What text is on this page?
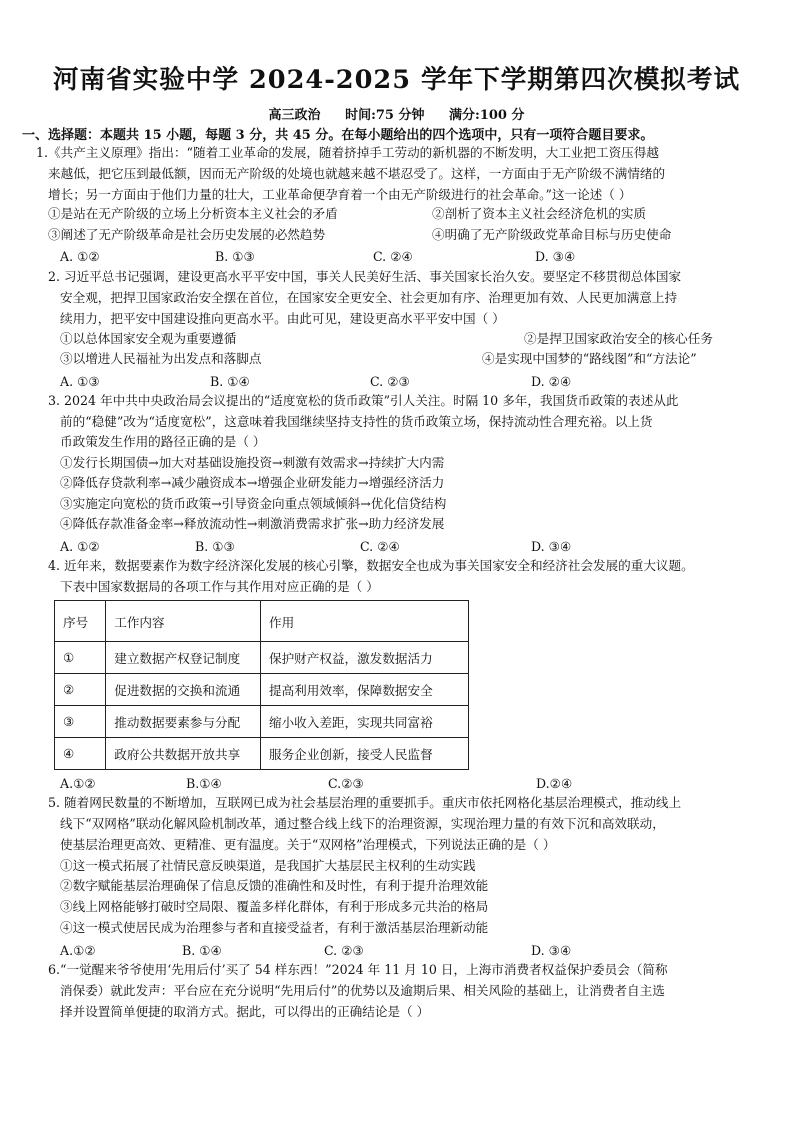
河南省实验中学 2024-2025 学年下学期第四次模拟考试
高三政治 时间:75 分钟 满分:100 分
一、选择题：本题共 15 小题，每题 3 分，共 45 分。在每小题给出的四个选项中，只有一项符合题目要求。
1.《共产主义原理》指出：“随着工业革命的发展，随着挤掉手工劳动的新机器的不断发明，大工业把工资压得越
来越低，把它压到最低额，因而无产阶级的处境也就越来越不堪忍受了。这样，一方面由于无产阶级不满情绪的
增长；另一方面由于他们力量的壮大，工业革命便孕育着一个由无产阶级进行的社会革命。”这一论述（ ）
①是站在无产阶级的立场上分析资本主义社会的矛盾	②剖析了资本主义社会经济危机的实质
③阐述了无产阶级革命是社会历史发展的必然趋势	④明确了无产阶级政党革命目标与历史使命
A. ①②	B. ①③	C. ②④	D. ③④
2. 习近平总书记强调，建设更高水平平安中国，事关人民美好生活、事关国家长治久安。要坚定不移贯彻总体国家
安全观，把捍卫国家政治安全摆在首位，在国家安全更安全、社会更加有序、治理更加有效、人民更加满意上持
续用力，把平安中国建设推向更高水平。由此可见，建设更高水平平安中国（ ）
①以总体国家安全观为重要遵循	②是捍卫国家政治安全的核心任务
③以增进人民福祉为出发点和落脚点	④是实现中国梦的“路线图”和“方法论”
A. ①③	B. ①④	C. ②③	D. ②④
3. 2024 年中共中央政治局会议提出的“适度宽松的货币政策”引人关注。时隔 10 多年，我国货币政策的表述从此
前的“稳健”改为“适度宽松”，这意味着我国继续坚持支持性的货币政策立场，保持流动性合理充裕。以上货
币政策发生作用的路径正确的是（ ）
①发行长期国债→加大对基础设施投资→刺激有效需求→持续扩大内需
②降低存贷款利率→减少融资成本→增强企业研发能力→增强经济活力
③实施定向宽松的货币政策→引导资金向重点领域倾斜→优化信贷结构
④降低存款准备金率→释放流动性→刺激消费需求扩张→助力经济发展
A. ①②	B. ①③	C. ②④	D. ③④
4. 近年来，数据要素作为数字经济深化发展的核心引擎，数据安全也成为事关国家安全和经济社会发展的重大议题。
下表中国家数据局的各项工作与其作用对应正确的是（ ）
序号	工作内容	作用
①	建立数据产权登记制度	保护财产权益，激发数据活力
②	促进数据的交换和流通	提高利用效率，保障数据安全
③	推动数据要素参与分配	缩小收入差距，实现共同富裕
④	政府公共数据开放共享	服务企业创新，接受人民监督
A.①②	B.①④	C.②③	D.②④
5. 随着网民数量的不断增加，互联网已成为社会基层治理的重要抓手。重庆市依托网格化基层治理模式，推动线上
线下“双网格”联动化解风险机制改革，通过整合线上线下的治理资源，实现治理力量的有效下沉和高效联动，
使基层治理更高效、更精准、更有温度。关于“双网格”治理模式，下列说法正确的是（ ）
①这一模式拓展了社情民意反映渠道，是我国扩大基层民主权利的生动实践
②数字赋能基层治理确保了信息反馈的准确性和及时性，有利于提升治理效能
③线上网格能够打破时空局限、覆盖多样化群体，有利于形成多元共治的格局
④这一模式使居民成为治理参与者和直接受益者，有利于激活基层治理新动能
A.①②	B. ①④	C. ②③	D. ③④
6.“一觉醒来爷爷使用‘先用后付’买了 54 样东西！”2024 年 11 月 10 日，上海市消费者权益保护委员会（简称
消保委）就此发声：平台应在充分说明“先用后付”的优势以及逾期后果、相关风险的基础上，让消费者自主选
择并设置简单便捷的取消方式。据此，可以得出的正确结论是（ ）
